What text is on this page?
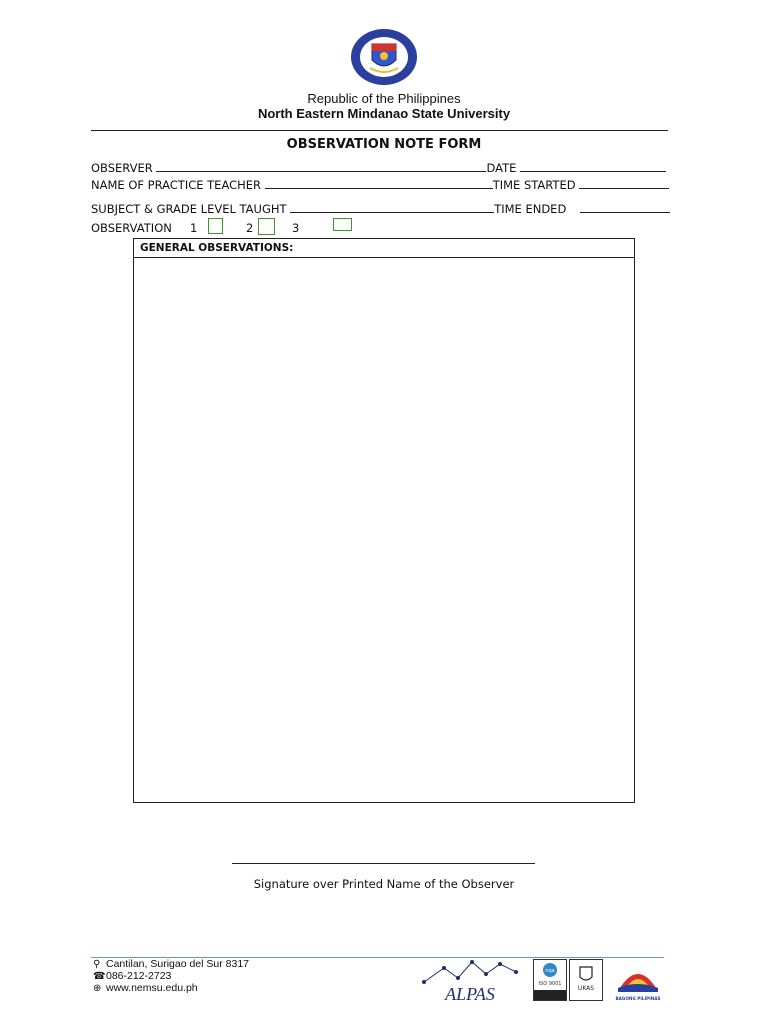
Republic of the Philippines
North Eastern Mindanao State University
OBSERVATION NOTE FORM
OBSERVER	DATE
NAME OF PRACTICE TEACHER	TIME STARTED
SUBJECT & GRADE LEVEL TAUGHT	TIME ENDED
OBSERVATION 1	2	3
GENERAL OBSERVATIONS:
Signature over Printed Name of the Observer
⚲ Cantilan, Surigao del Sur 8317
☎086-212-2723
⊕ www.nemsu.edu.ph	ALPAS
nqa
ISO 9001
UKAS
BAGONG PILIPINAS
